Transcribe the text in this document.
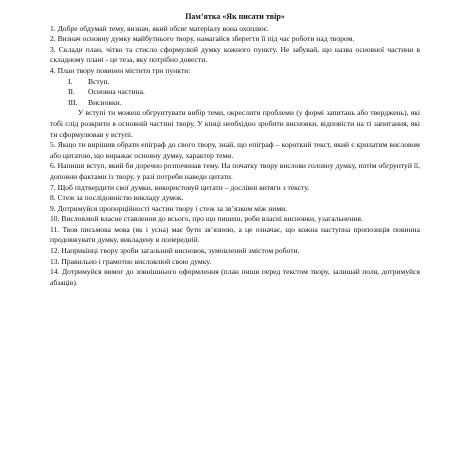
Пам’ятка «Як писати твір»

1. Добре обдумай тему, визнач, який обсяг матеріалу вона охоплює.

2. Визнач основну думку майбутнього твору, намагайся зберегти її під час роботи над твором.

3. Склади план, чітко та стисло сформулюй думку кожного пункту. Не забувай, що назва основної частини в складному плані - це теза, яку потрібно довести.

4. План твору повинен містити три пункти:

I.	Вступ.
II.	Основна частина.
III.	Висновки.

У вступі ти можеш обгрунтувати вибір теми, окреслити проблеми (у формі запитань або тверджень), які тобі слід розкрити в основній частині твору. У кінці необхідно зробити висновки, відповісти на ті запитання, які ти сформулював у вступі.

5. Якщо ти вирішив обрати епіграф до свого твору, знай, що епіграф – короткий текст, який є крилатим висловом або цитатою, що виражає основну думку, характер теми.

6. Напиши вступ, який би доречно розпочинав тему. На початку твору вислови головну думку, потім обгрунтуй її, доповни фактами із твору, у разі потреби наведи цитати.

7. Щоб підтвердити свої думки, використовуй цитати – дослівні витяги з тексту.

8. Стеж за послідовністю викладу думок.

9. Дотримуйся пропорційності частин твору і стеж за зв’язком між ними.

10. Висловлюй власне ставлення до всього, про що пишеш, роби власні висновки, узагальнення.

11. Твоя письмова мова (як і усна) має бути зв’язною, а це означає, що кожна наступна пропозиція повинна продовжувати думку, викладену в попередній.

12. Наприкінці твору зроби загальний висновок, зумовлений змістом роботи.

13. Правильно і грамотно висловлюй свою думку.

14. Дотримуйся вимог до зовнішнього оформлення (план пиши перед текстом твору, залишай поля, дотримуйся абзаців).
